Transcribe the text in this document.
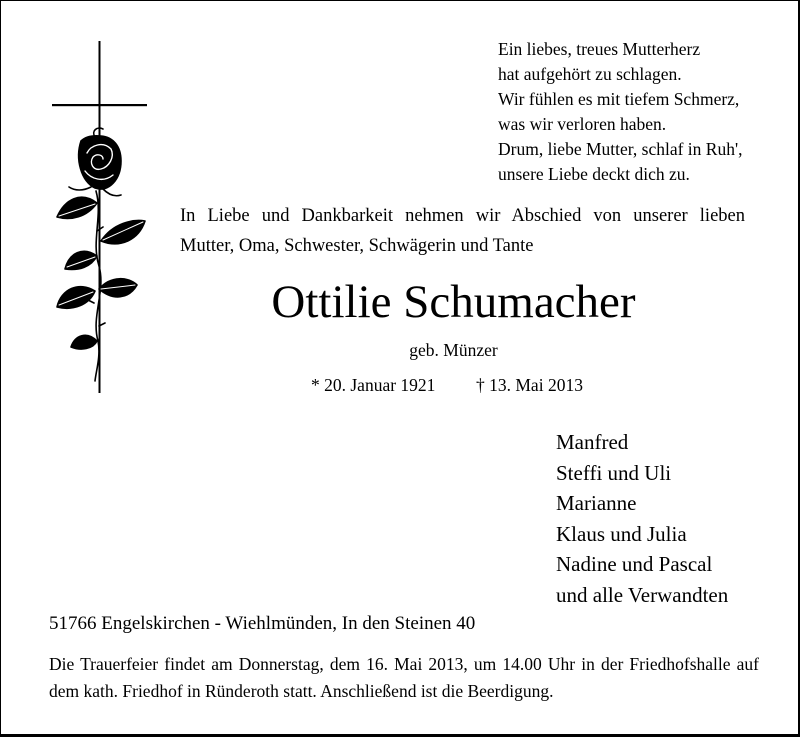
Ein liebes, treues Mutterherz
hat aufgehört zu schlagen.
Wir fühlen es mit tiefem Schmerz,
was wir verloren haben.
Drum, liebe Mutter, schlaf in Ruh',
unsere Liebe deckt dich zu.
In Liebe und Dankbarkeit nehmen wir Abschied von unserer lieben
Mutter, Oma, Schwester, Schwägerin und Tante
Ottilie Schumacher
geb. Münzer
* 20. Januar 1921 † 13. Mai 2013
Manfred
Steffi und Uli
Marianne
Klaus und Julia
Nadine und Pascal
und alle Verwandten
51766 Engelskirchen - Wiehlmünden, In den Steinen 40
Die Trauerfeier findet am Donnerstag, dem 16. Mai 2013, um 14.00 Uhr in der Friedhofshalle auf
dem kath. Friedhof in Ründeroth statt. Anschließend ist die Beerdigung.
